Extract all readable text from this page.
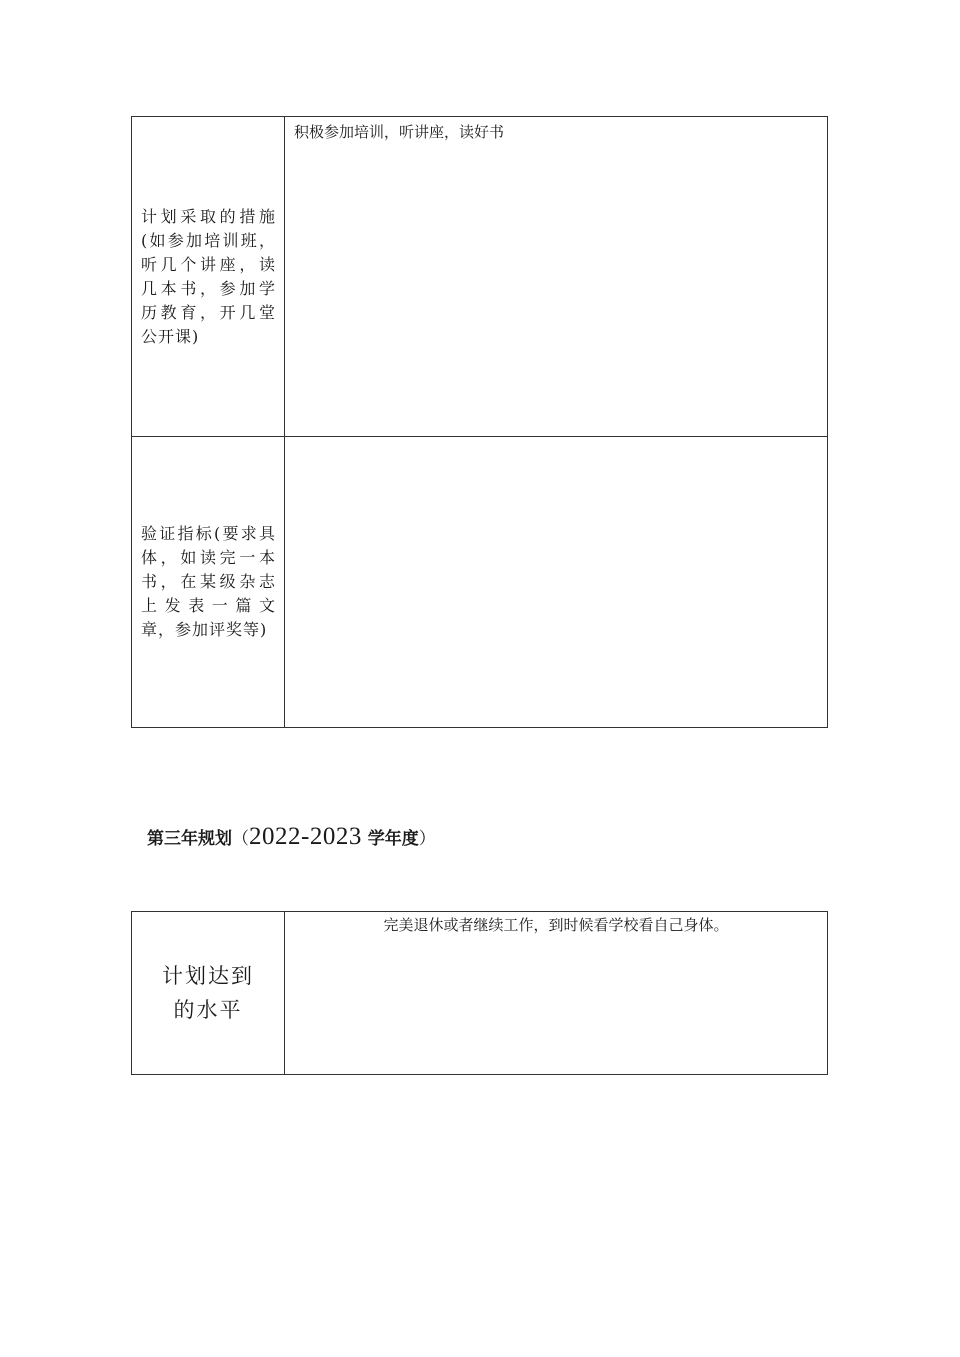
计划采取的措施(如参加培训班，听几个讲座，读几本书，参加学历教育，开几堂公开课)
积极参加培训，听讲座，读好书
验证指标(要求具体，如读完一本书，在某级杂志上发表一篇文章，参加评奖等)
第三年规划（2022-2023 学年度）
计划达到的水平
完美退休或者继续工作，到时候看学校看自己身体。
